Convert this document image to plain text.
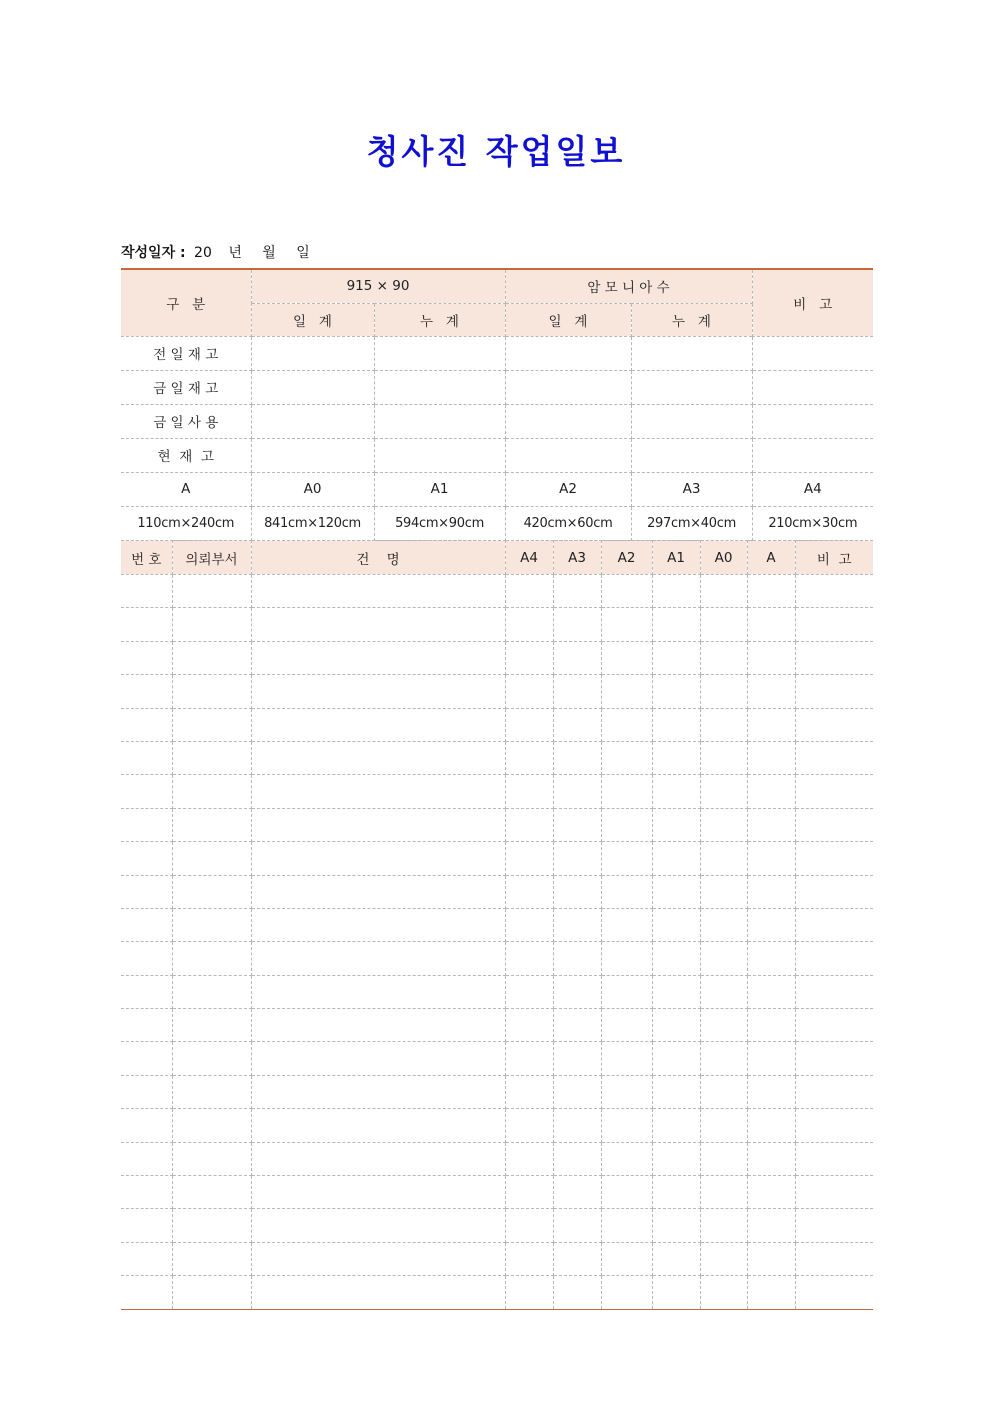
청사진 작업일보
작성일자 : 20 년 월 일
구   분	915 × 90		암 모 니 아 수		비   고
	일   계	누   계	일   계	누   계	
전 일 재 고					
금 일 재 고					
금 일 사 용					
현  재  고					
A	A0	A1	A2	A3	A4
110cm×240cm	841cm×120cm	594cm×90cm	420cm×60cm	297cm×40cm	210cm×30cm
번 호	의뢰부서	건    명	A4	A3	A2	A1	A0	A	비  고
